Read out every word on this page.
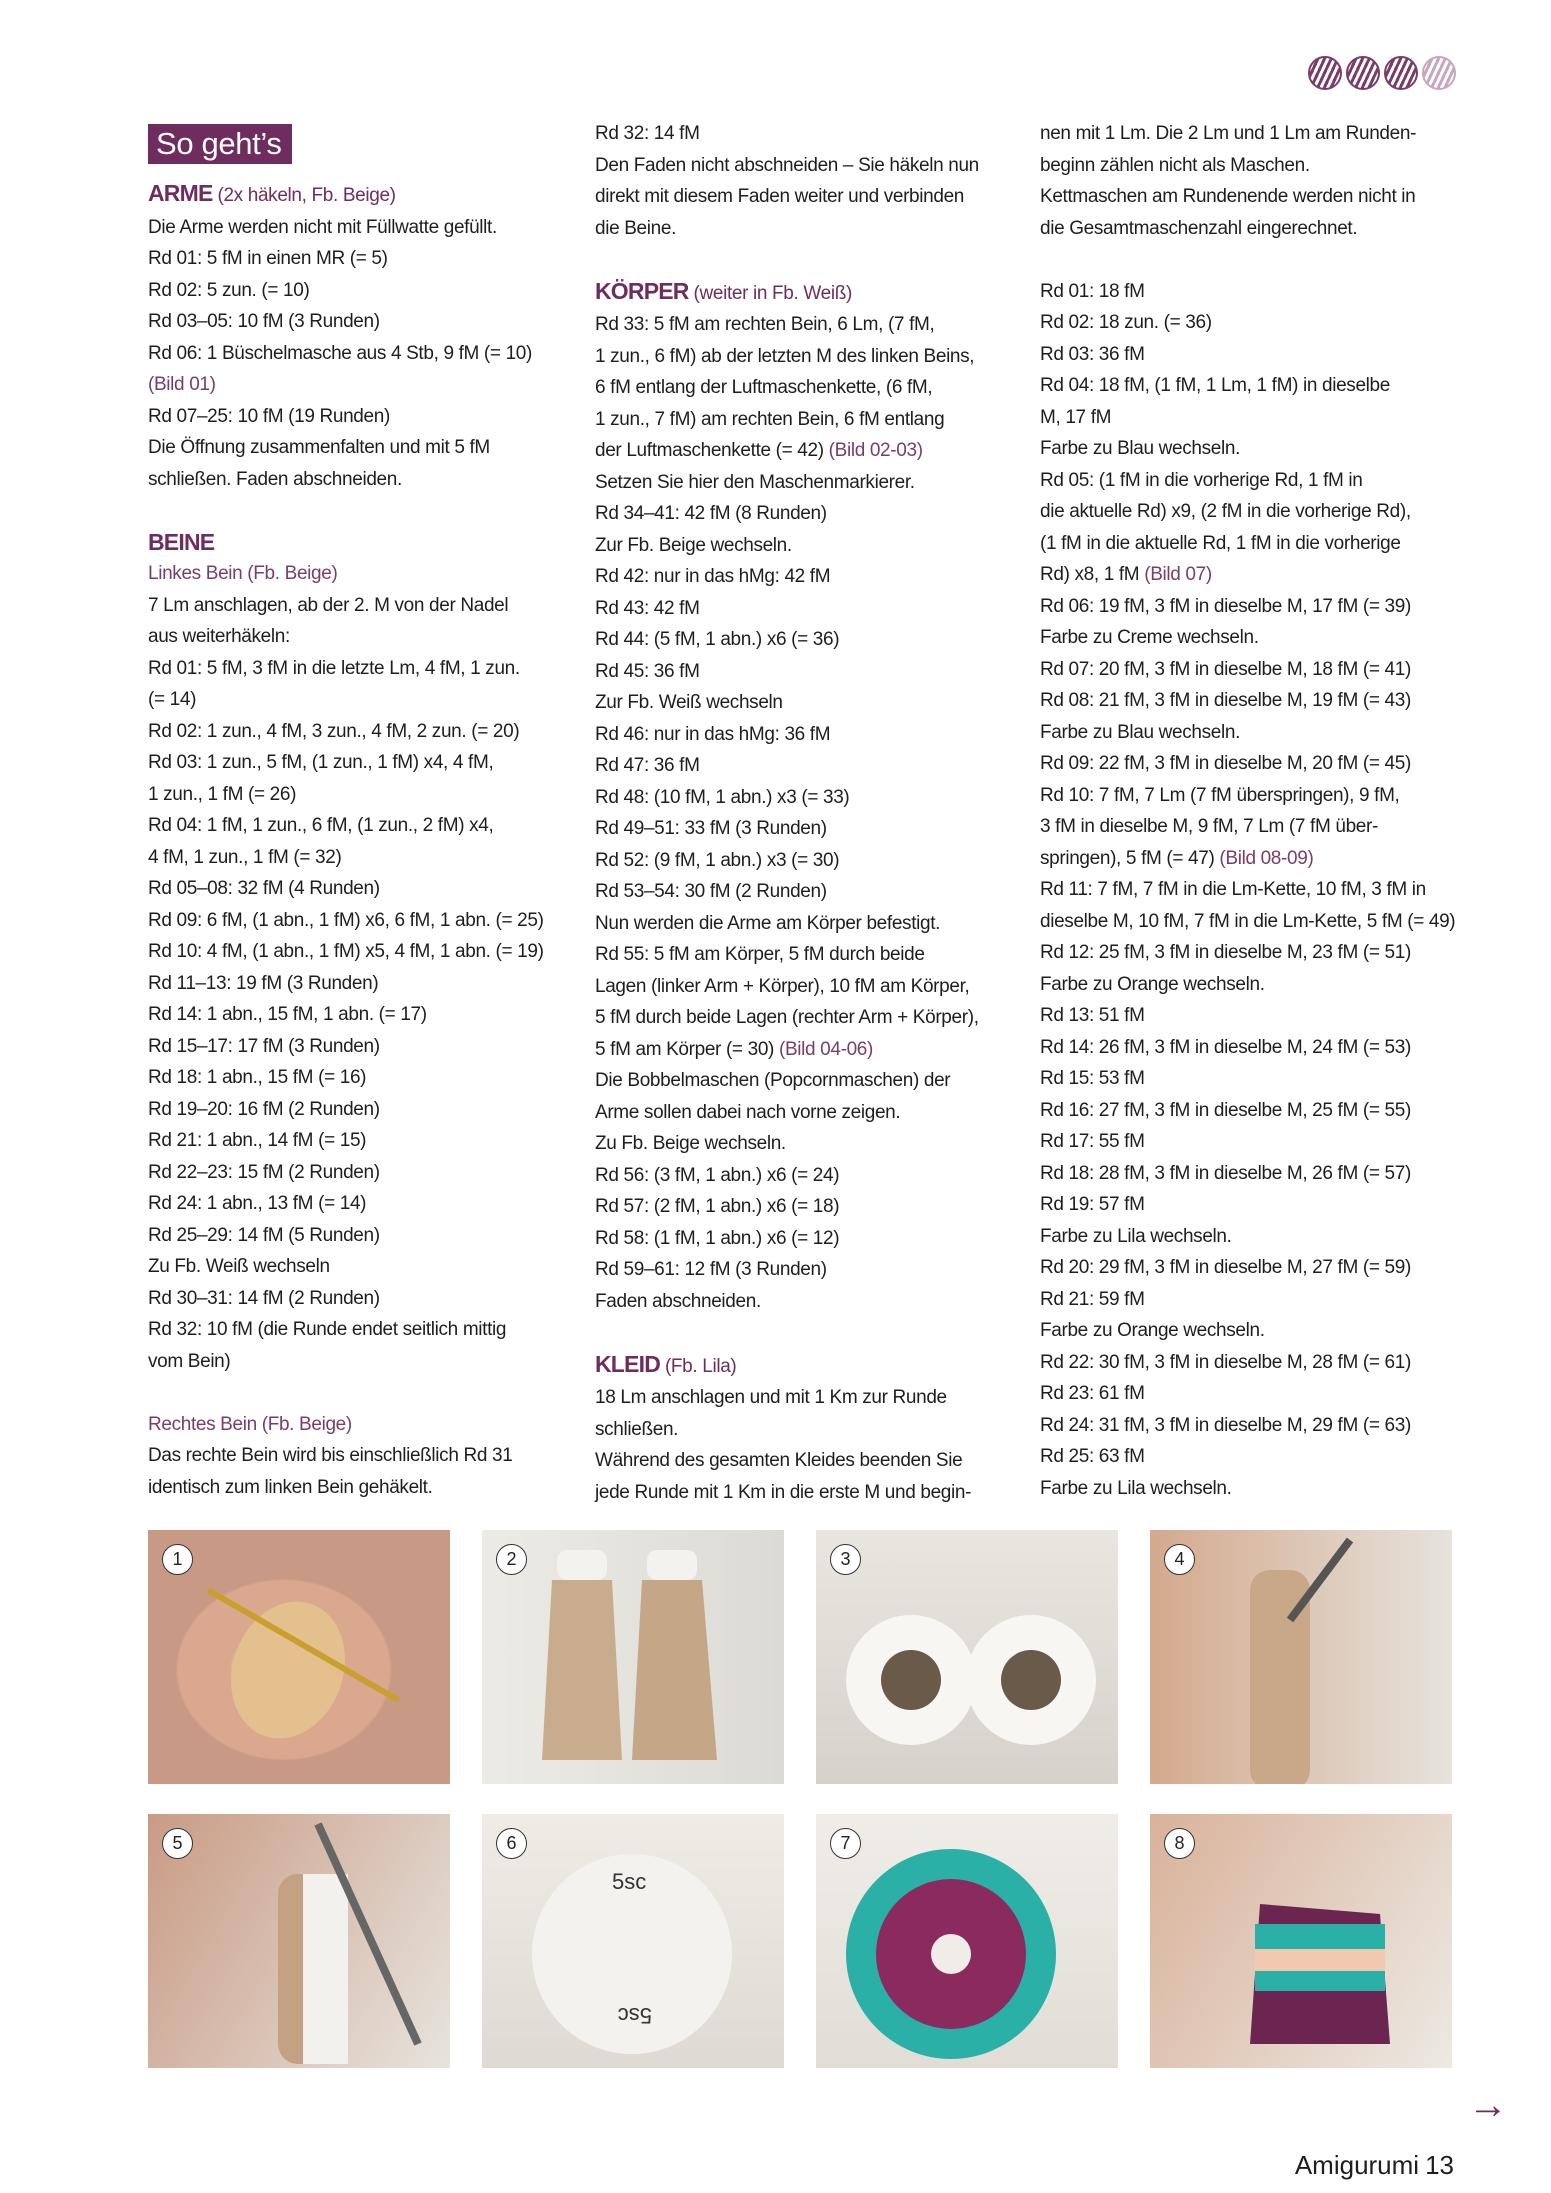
So geht’s
ARME (2x häkeln, Fb. Beige)
Die Arme werden nicht mit Füllwatte gefüllt.
Rd 01: 5 fM in einen MR (= 5)
Rd 02: 5 zun. (= 10)
Rd 03–05: 10 fM (3 Runden)
Rd 06: 1 Büschelmasche aus 4 Stb, 9 fM (= 10)
(Bild 01)
Rd 07–25: 10 fM (19 Runden)
Die Öffnung zusammenfalten und mit 5 fM
schließen. Faden abschneiden.
BEINE
Linkes Bein (Fb. Beige)
7 Lm anschlagen, ab der 2. M von der Nadel
aus weiterhäkeln:
Rd 01: 5 fM, 3 fM in die letzte Lm, 4 fM, 1 zun.
(= 14)
Rd 02: 1 zun., 4 fM, 3 zun., 4 fM, 2 zun. (= 20)
Rd 03: 1 zun., 5 fM, (1 zun., 1 fM) x4, 4 fM,
1 zun., 1 fM (= 26)
Rd 04: 1 fM, 1 zun., 6 fM, (1 zun., 2 fM) x4,
4 fM, 1 zun., 1 fM (= 32)
Rd 05–08: 32 fM (4 Runden)
Rd 09: 6 fM, (1 abn., 1 fM) x6, 6 fM, 1 abn. (= 25)
Rd 10: 4 fM, (1 abn., 1 fM) x5, 4 fM, 1 abn. (= 19)
Rd 11–13: 19 fM (3 Runden)
Rd 14: 1 abn., 15 fM, 1 abn. (= 17)
Rd 15–17: 17 fM (3 Runden)
Rd 18: 1 abn., 15 fM (= 16)
Rd 19–20: 16 fM (2 Runden)
Rd 21: 1 abn., 14 fM (= 15)
Rd 22–23: 15 fM (2 Runden)
Rd 24: 1 abn., 13 fM (= 14)
Rd 25–29: 14 fM (5 Runden)
Zu Fb. Weiß wechseln
Rd 30–31: 14 fM (2 Runden)
Rd 32: 10 fM (die Runde endet seitlich mittig
vom Bein)
Rechtes Bein (Fb. Beige)
Das rechte Bein wird bis einschließlich Rd 31
identisch zum linken Bein gehäkelt.
Rd 32: 14 fM
Den Faden nicht abschneiden – Sie häkeln nun
direkt mit diesem Faden weiter und verbinden
die Beine.
KÖRPER (weiter in Fb. Weiß)
Rd 33: 5 fM am rechten Bein, 6 Lm, (7 fM,
1 zun., 6 fM) ab der letzten M des linken Beins,
6 fM entlang der Luftmaschenkette, (6 fM,
1 zun., 7 fM) am rechten Bein, 6 fM entlang
der Luftmaschenkette (= 42) (Bild 02-03)
Setzen Sie hier den Maschenmarkierer.
Rd 34–41: 42 fM (8 Runden)
Zur Fb. Beige wechseln.
Rd 42: nur in das hMg: 42 fM
Rd 43: 42 fM
Rd 44: (5 fM, 1 abn.) x6 (= 36)
Rd 45: 36 fM
Zur Fb. Weiß wechseln
Rd 46: nur in das hMg: 36 fM
Rd 47: 36 fM
Rd 48: (10 fM, 1 abn.) x3 (= 33)
Rd 49–51: 33 fM (3 Runden)
Rd 52: (9 fM, 1 abn.) x3 (= 30)
Rd 53–54: 30 fM (2 Runden)
Nun werden die Arme am Körper befestigt.
Rd 55: 5 fM am Körper, 5 fM durch beide
Lagen (linker Arm + Körper), 10 fM am Körper,
5 fM durch beide Lagen (rechter Arm + Körper),
5 fM am Körper (= 30) (Bild 04-06)
Die Bobbelmaschen (Popcornmaschen) der
Arme sollen dabei nach vorne zeigen.
Zu Fb. Beige wechseln.
Rd 56: (3 fM, 1 abn.) x6 (= 24)
Rd 57: (2 fM, 1 abn.) x6 (= 18)
Rd 58: (1 fM, 1 abn.) x6 (= 12)
Rd 59–61: 12 fM (3 Runden)
Faden abschneiden.
KLEID (Fb. Lila)
18 Lm anschlagen und mit 1 Km zur Runde
schließen.
Während des gesamten Kleides beenden Sie
jede Runde mit 1 Km in die erste M und begin-
nen mit 1 Lm. Die 2 Lm und 1 Lm am Runden-
beginn zählen nicht als Maschen.
Kettmaschen am Rundenende werden nicht in
die Gesamtmaschenzahl eingerechnet.
Rd 01: 18 fM
Rd 02: 18 zun. (= 36)
Rd 03: 36 fM
Rd 04: 18 fM, (1 fM, 1 Lm, 1 fM) in dieselbe
M, 17 fM
Farbe zu Blau wechseln.
Rd 05: (1 fM in die vorherige Rd, 1 fM in
die aktuelle Rd) x9, (2 fM in die vorherige Rd),
(1 fM in die aktuelle Rd, 1 fM in die vorherige
Rd) x8, 1 fM (Bild 07)
Rd 06: 19 fM, 3 fM in dieselbe M, 17 fM (= 39)
Farbe zu Creme wechseln.
Rd 07: 20 fM, 3 fM in dieselbe M, 18 fM (= 41)
Rd 08: 21 fM, 3 fM in dieselbe M, 19 fM (= 43)
Farbe zu Blau wechseln.
Rd 09: 22 fM, 3 fM in dieselbe M, 20 fM (= 45)
Rd 10: 7 fM, 7 Lm (7 fM überspringen), 9 fM,
3 fM in dieselbe M, 9 fM, 7 Lm (7 fM über-
springen), 5 fM (= 47) (Bild 08-09)
Rd 11: 7 fM, 7 fM in die Lm-Kette, 10 fM, 3 fM in
dieselbe M, 10 fM, 7 fM in die Lm-Kette, 5 fM (= 49)
Rd 12: 25 fM, 3 fM in dieselbe M, 23 fM (= 51)
Farbe zu Orange wechseln.
Rd 13: 51 fM
Rd 14: 26 fM, 3 fM in dieselbe M, 24 fM (= 53)
Rd 15: 53 fM
Rd 16: 27 fM, 3 fM in dieselbe M, 25 fM (= 55)
Rd 17: 55 fM
Rd 18: 28 fM, 3 fM in dieselbe M, 26 fM (= 57)
Rd 19: 57 fM
Farbe zu Lila wechseln.
Rd 20: 29 fM, 3 fM in dieselbe M, 27 fM (= 59)
Rd 21: 59 fM
Farbe zu Orange wechseln.
Rd 22: 30 fM, 3 fM in dieselbe M, 28 fM (= 61)
Rd 23: 61 fM
Rd 24: 31 fM, 3 fM in dieselbe M, 29 fM (= 63)
Rd 25: 63 fM
Farbe zu Lila wechseln.
1	2	3	4
5	6
5sc
5sc
7	8
→
Amigurumi 13
